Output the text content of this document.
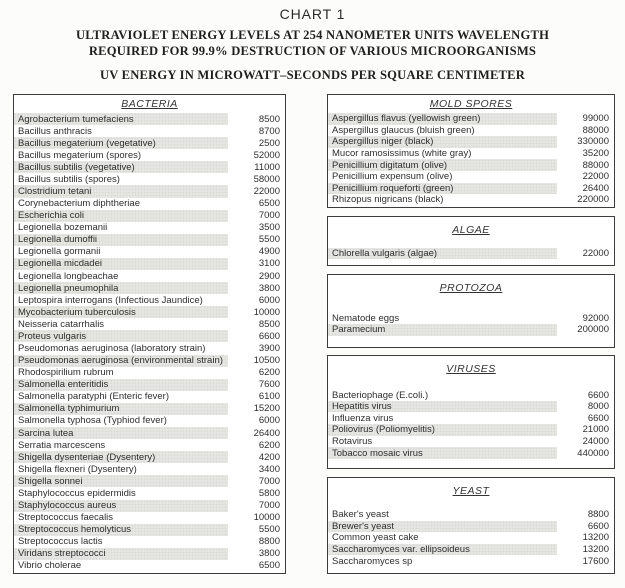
CHART 1
ULTRAVIOLET ENERGY LEVELS AT 254 NANOMETER UNITS WAVELENGTH
REQUIRED FOR 99.9% DESTRUCTION OF VARIOUS MICROORGANISMS
UV ENERGY IN MICROWATT–SECONDS PER SQUARE CENTIMETER
BACTERIA
Agrobacterium tumefaciens	8500
Bacillus anthracis	8700
Bacillus megaterium (vegetative)	2500
Bacillus megaterium (spores)	52000
Bacillus subtilis (vegetative)	11000
Bacillus subtilis (spores)	58000
Clostridium tetani	22000
Corynebacterium diphtheriae	6500
Escherichia coli	7000
Legionella bozemanii	3500
Legionella dumoffii	5500
Legionella gormanii	4900
Legionella micdadei	3100
Legionella longbeachae	2900
Legionella pneumophila	3800
Leptospira interrogans (Infectious Jaundice)	6000
Mycobacterium tuberculosis	10000
Neisseria catarrhalis	8500
Proteus vulgaris	6600
Pseudomonas aeruginosa (laboratory strain)	3900
Pseudomonas aeruginosa (environmental strain)	10500
Rhodospirilium rubrum	6200
Salmonella enteritidis	7600
Salmonella paratyphi (Enteric fever)	6100
Salmonella typhimurium	15200
Salmonella typhosa (Typhiod fever)	6000
Sarcina lutea	26400
Serratia marcescens	6200
Shigella dysenteriae (Dysentery)	4200
Shigella flexneri (Dysentery)	3400
Shigella sonnei	7000
Staphylococcus epidermidis	5800
Staphylococcus aureus	7000
Streptococcus faecalis	10000
Streptococcus hemolyticus	5500
Streptococcus lactis	8800
Viridans streptococci	3800
Vibrio cholerae	6500
MOLD SPORES
Aspergillus flavus (yellowish green)	99000
Aspergillus glaucus (bluish green)	88000
Aspergillus niger (black)	330000
Mucor ramosissimus (white gray)	35200
Penicillium digitatum (olive)	88000
Penicillium expensum (olive)	22000
Penicillium roqueforti (green)	26400
Rhizopus nigricans (black)	220000
ALGAE
Chlorella vulgaris (algae)	22000
PROTOZOA
Nematode eggs	92000
Paramecium	200000
VIRUSES
Bacteriophage (E.coli.)	6600
Hepatitis virus	8000
Influenza virus	6600
Poliovirus (Poliomyelitis)	21000
Rotavirus	24000
Tobacco mosaic virus	440000
YEAST
Baker's yeast	8800
Brewer's yeast	6600
Common yeast cake	13200
Saccharomyces var. ellipsoideus	13200
Saccharomyces sp	17600
